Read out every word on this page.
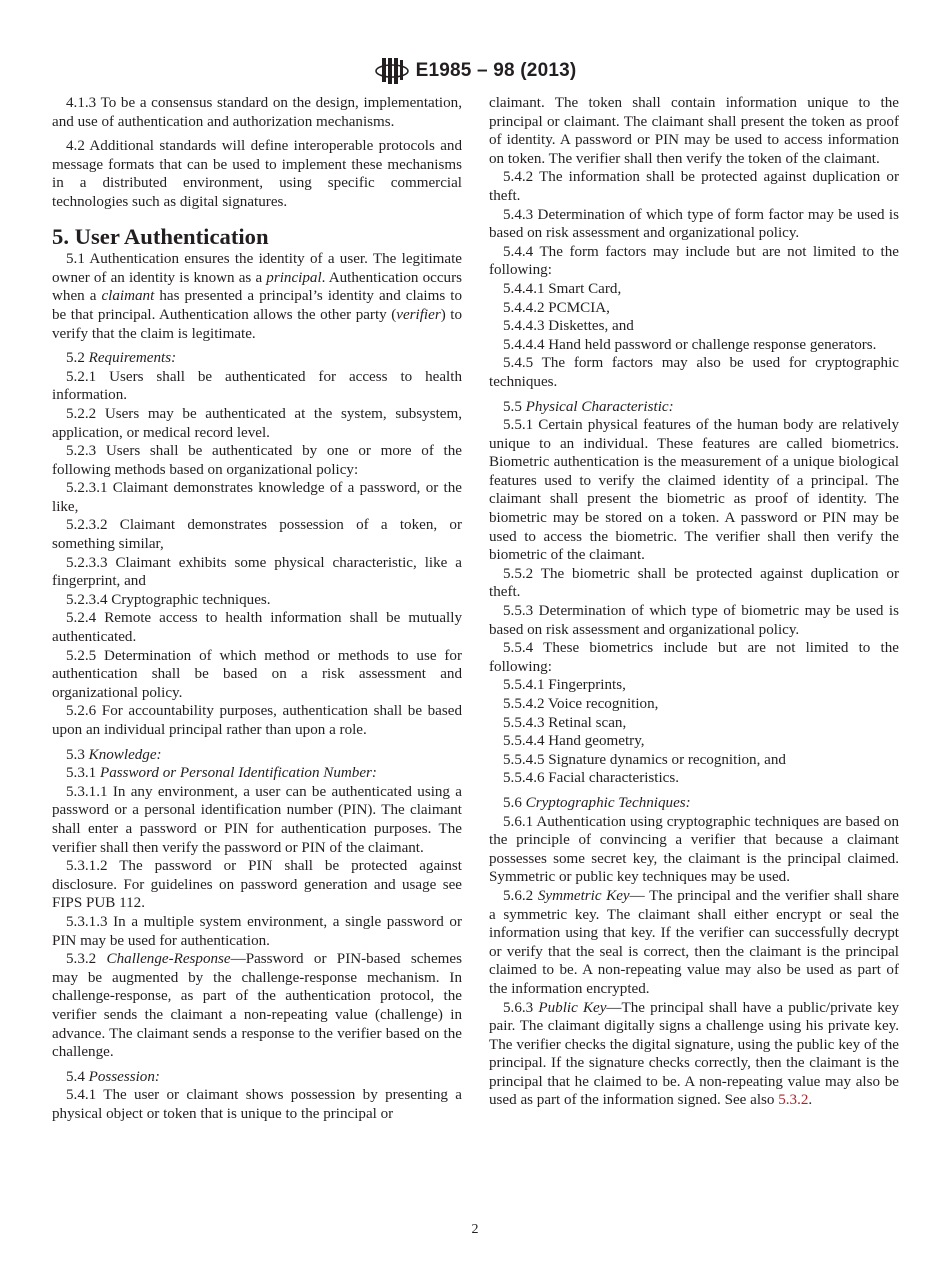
E1985 – 98 (2013)

4.1.3 To be a consensus standard on the design, implementation, and use of authentication and authorization mechanisms.

4.2 Additional standards will define interoperable protocols and message formats that can be used to implement these mechanisms in a distributed environment, using specific commercial technologies such as digital signatures.

5. User Authentication

5.1 Authentication ensures the identity of a user. The legitimate owner of an identity is known as a principal. Authentication occurs when a claimant has presented a principal’s identity and claims to be that principal. Authentication allows the other party (verifier) to verify that the claim is legitimate.

5.2 Requirements:

5.2.1 Users shall be authenticated for access to health information.

5.2.2 Users may be authenticated at the system, subsystem, application, or medical record level.

5.2.3 Users shall be authenticated by one or more of the following methods based on organizational policy:

5.2.3.1 Claimant demonstrates knowledge of a password, or the like,

5.2.3.2 Claimant demonstrates possession of a token, or something similar,

5.2.3.3 Claimant exhibits some physical characteristic, like a fingerprint, and

5.2.3.4 Cryptographic techniques.

5.2.4 Remote access to health information shall be mutually authenticated.

5.2.5 Determination of which method or methods to use for authentication shall be based on a risk assessment and organizational policy.

5.2.6 For accountability purposes, authentication shall be based upon an individual principal rather than upon a role.

5.3 Knowledge:

5.3.1 Password or Personal Identification Number:

5.3.1.1 In any environment, a user can be authenticated using a password or a personal identification number (PIN). The claimant shall enter a password or PIN for authentication purposes. The verifier shall then verify the password or PIN of the claimant.

5.3.1.2 The password or PIN shall be protected against disclosure. For guidelines on password generation and usage see FIPS PUB 112.

5.3.1.3 In a multiple system environment, a single password or PIN may be used for authentication.

5.3.2 Challenge-Response—Password or PIN-based schemes may be augmented by the challenge-response mechanism. In challenge-response, as part of the authentication protocol, the verifier sends the claimant a non-repeating value (challenge) in advance. The claimant sends a response to the verifier based on the challenge.

5.4 Possession:

5.4.1 The user or claimant shows possession by presenting a physical object or token that is unique to the principal or

claimant. The token shall contain information unique to the principal or claimant. The claimant shall present the token as proof of identity. A password or PIN may be used to access information on token. The verifier shall then verify the token of the claimant.

5.4.2 The information shall be protected against duplication or theft.

5.4.3 Determination of which type of form factor may be used is based on risk assessment and organizational policy.

5.4.4 The form factors may include but are not limited to the following:

5.4.4.1 Smart Card,

5.4.4.2 PCMCIA,

5.4.4.3 Diskettes, and

5.4.4.4 Hand held password or challenge response generators.

5.4.5 The form factors may also be used for cryptographic techniques.

5.5 Physical Characteristic:

5.5.1 Certain physical features of the human body are relatively unique to an individual. These features are called biometrics. Biometric authentication is the measurement of a unique biological features used to verify the claimed identity of a principal. The claimant shall present the biometric as proof of identity. The biometric may be stored on a token. A password or PIN may be used to access the biometric. The verifier shall then verify the biometric of the claimant.

5.5.2 The biometric shall be protected against duplication or theft.

5.5.3 Determination of which type of biometric may be used is based on risk assessment and organizational policy.

5.5.4 These biometrics include but are not limited to the following:

5.5.4.1 Fingerprints,

5.5.4.2 Voice recognition,

5.5.4.3 Retinal scan,

5.5.4.4 Hand geometry,

5.5.4.5 Signature dynamics or recognition, and

5.5.4.6 Facial characteristics.

5.6 Cryptographic Techniques:

5.6.1 Authentication using cryptographic techniques are based on the principle of convincing a verifier that because a claimant possesses some secret key, the claimant is the principal claimed. Symmetric or public key techniques may be used.

5.6.2 Symmetric Key— The principal and the verifier shall share a symmetric key. The claimant shall either encrypt or seal the information using that key. If the verifier can successfully decrypt or verify that the seal is correct, then the claimant is the principal claimed to be. A non-repeating value may also be used as part of the information encrypted.

5.6.3 Public Key—The principal shall have a public/private key pair. The claimant digitally signs a challenge using his private key. The verifier checks the digital signature, using the public key of the principal. If the signature checks correctly, then the claimant is the principal that he claimed to be. A non-repeating value may also be used as part of the information signed. See also 5.3.2.

2
